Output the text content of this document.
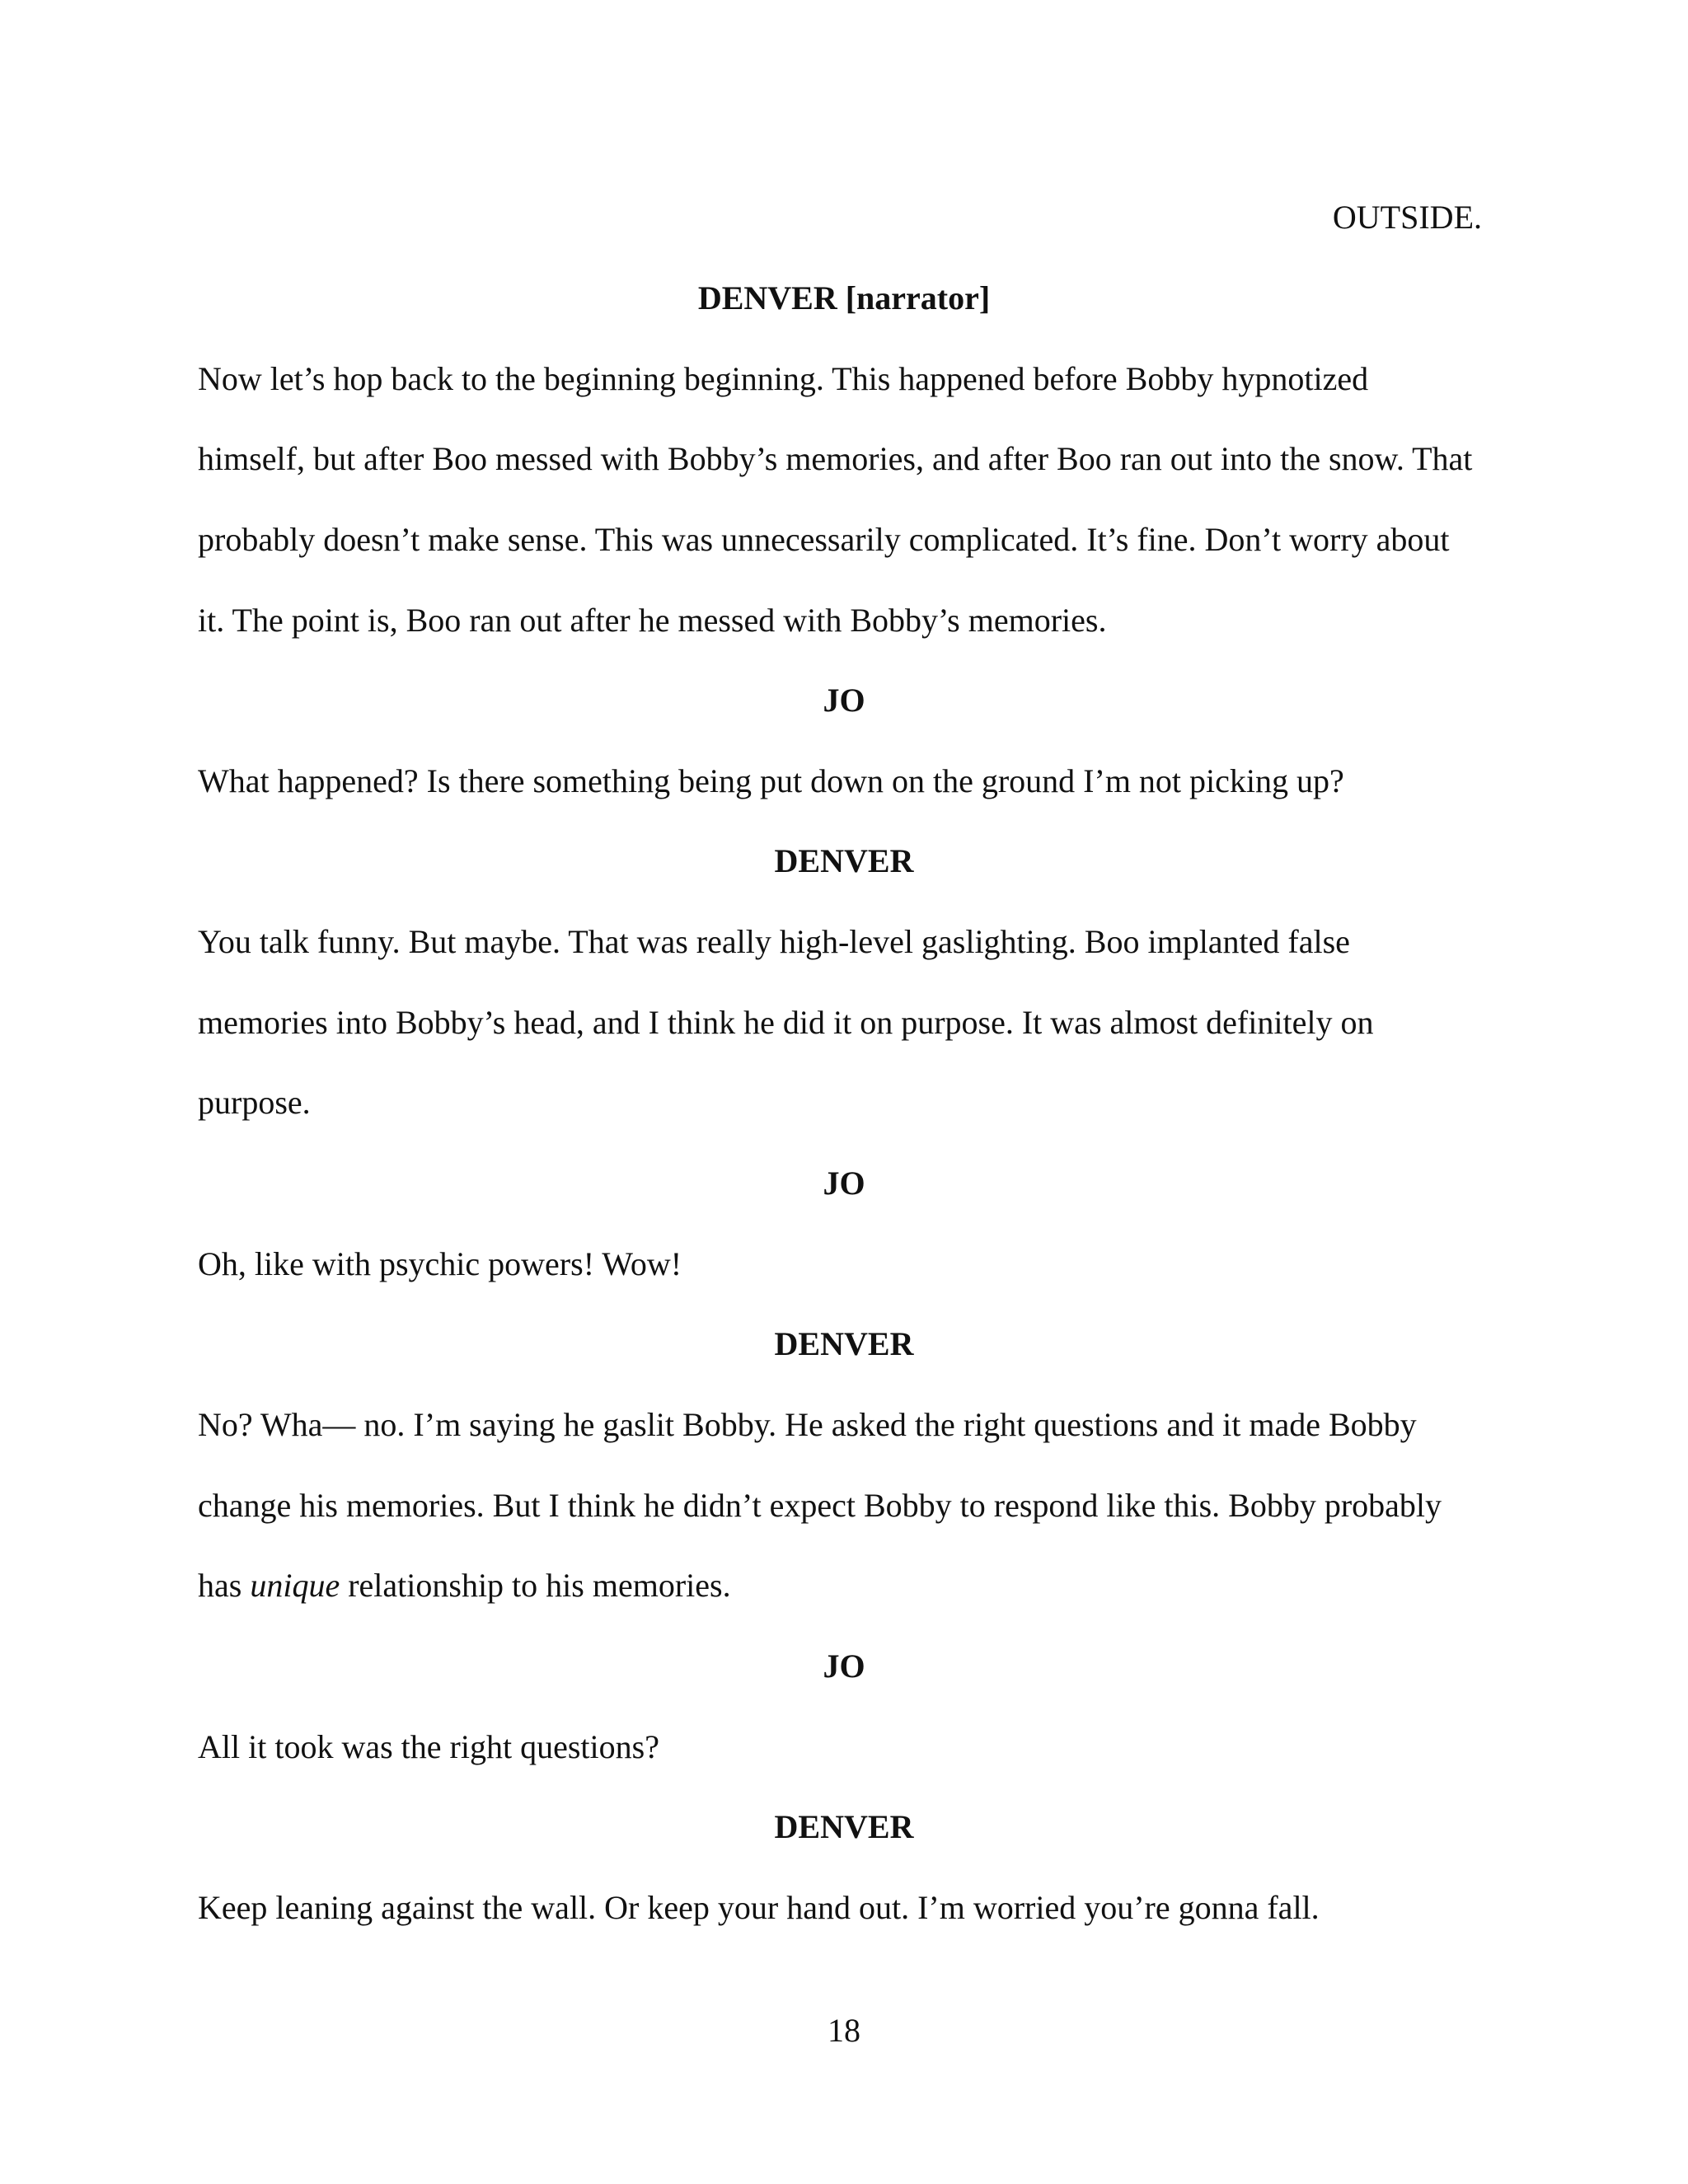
OUTSIDE.
DENVER [narrator]
Now let’s hop back to the beginning beginning. This happened before Bobby hypnotized
himself, but after Boo messed with Bobby’s memories, and after Boo ran out into the snow. That
probably doesn’t make sense. This was unnecessarily complicated. It’s fine. Don’t worry about
it. The point is, Boo ran out after he messed with Bobby’s memories.
JO
What happened? Is there something being put down on the ground I’m not picking up?
DENVER
You talk funny. But maybe. That was really high-level gaslighting. Boo implanted false
memories into Bobby’s head, and I think he did it on purpose. It was almost definitely on
purpose.
JO
Oh, like with psychic powers! Wow!
DENVER
No? Wha— no. I’m saying he gaslit Bobby. He asked the right questions and it made Bobby
change his memories. But I think he didn’t expect Bobby to respond like this. Bobby probably
has unique relationship to his memories.
JO
All it took was the right questions?
DENVER
Keep leaning against the wall. Or keep your hand out. I’m worried you’re gonna fall.
18
